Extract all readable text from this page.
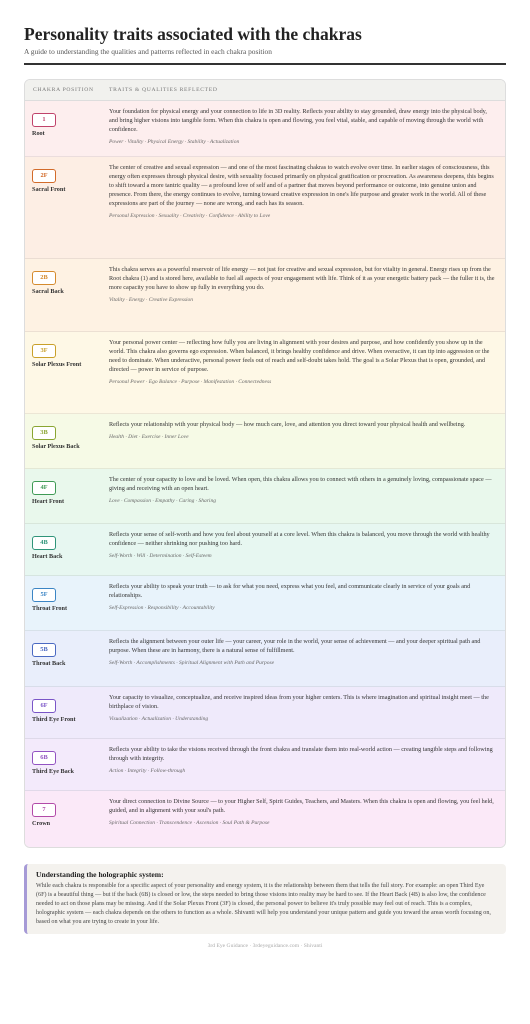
Personality traits associated with the chakras
A guide to understanding the qualities and patterns reflected in each chakra position
CHAKRA POSITION	TRAITS & QUALITIES REFLECTED
1
Root
Your foundation for physical energy and your connection to life in 3D reality. Reflects your ability to stay grounded, draw energy into the physical body, and bring higher visions into tangible form. When this chakra is open and flowing, you feel vital, stable, and capable of moving through the world with confidence.
Power · Vitality · Physical Energy · Stability · Actualization
2F
Sacral Front
The center of creative and sexual expression — and one of the most fascinating chakras to watch evolve over time. In earlier stages of consciousness, this energy often expresses through physical desire, with sexuality focused primarily on physical gratification or procreation. As awareness deepens, this begins to shift toward a more tantric quality — a profound love of self and of a partner that moves beyond performance or outcome, into genuine union and presence. From there, the energy continues to evolve, turning toward creative expression in one's life purpose and greater work in the world. All of these expressions are part of the journey — none are wrong, and each has its season.
Personal Expression · Sexuality · Creativity · Confidence · Ability to Love
2B
Sacral Back
This chakra serves as a powerful reservoir of life energy — not just for creative and sexual expression, but for vitality in general. Energy rises up from the Root chakra (1) and is stored here, available to fuel all aspects of your engagement with life. Think of it as your energetic battery pack — the fuller it is, the more capacity you have to show up fully in everything you do.
Vitality · Energy · Creative Expression
3F
Solar Plexus Front
Your personal power center — reflecting how fully you are living in alignment with your desires and purpose, and how confidently you show up in the world. This chakra also governs ego expression. When balanced, it brings healthy confidence and drive. When overactive, it can tip into aggression or the need to dominate. When underactive, personal power feels out of reach and self-doubt takes hold. The goal is a Solar Plexus that is open, grounded, and directed — power in service of purpose.
Personal Power · Ego Balance · Purpose · Manifestation · Connectedness
3B
Solar Plexus Back
Reflects your relationship with your physical body — how much care, love, and attention you direct toward your physical health and wellbeing.
Health · Diet · Exercise · Inner Love
4F
Heart Front
The center of your capacity to love and be loved. When open, this chakra allows you to connect with others in a genuinely loving, compassionate space — giving and receiving with an open heart.
Love · Compassion · Empathy · Caring · Sharing
4B
Heart Back
Reflects your sense of self-worth and how you feel about yourself at a core level. When this chakra is balanced, you move through the world with healthy confidence — neither shrinking nor pushing too hard.
Self-Worth · Will · Determination · Self-Esteem
5F
Throat Front
Reflects your ability to speak your truth — to ask for what you need, express what you feel, and communicate clearly in service of your goals and relationships.
Self-Expression · Responsibility · Accountability
5B
Throat Back
Reflects the alignment between your outer life — your career, your role in the world, your sense of achievement — and your deeper spiritual path and purpose. When these are in harmony, there is a natural sense of fulfillment.
Self-Worth · Accomplishments · Spiritual Alignment with Path and Purpose
6F
Third Eye Front
Your capacity to visualize, conceptualize, and receive inspired ideas from your higher centers. This is where imagination and spiritual insight meet — the birthplace of vision.
Visualization · Actualization · Understanding
6B
Third Eye Back
Reflects your ability to take the visions received through the front chakra and translate them into real-world action — creating tangible steps and following through with integrity.
Action · Integrity · Follow-through
7
Crown
Your direct connection to Divine Source — to your Higher Self, Spirit Guides, Teachers, and Masters. When this chakra is open and flowing, you feel held, guided, and in alignment with your soul's path.
Spiritual Connection · Transcendence · Ascension · Soul Path & Purpose
Understanding the holographic system:
While each chakra is responsible for a specific aspect of your personality and energy system, it is the relationship between them that tells the full story. For example: an open Third Eye (6F) is a beautiful thing — but if the back (6B) is closed or low, the steps needed to bring those visions into reality may be hard to see. If the Heart Back (4B) is also low, the confidence needed to act on those plans may be missing. And if the Solar Plexus Front (3F) is closed, the personal power to believe it's truly possible may feel out of reach. This is a complex, holographic system — each chakra depends on the others to function as a whole. Shivanti will help you understand your unique pattern and guide you toward the areas worth focusing on, based on what you are trying to create in your life.
3rd Eye Guidance · 3rdeyeguidance.com · Shivanti
